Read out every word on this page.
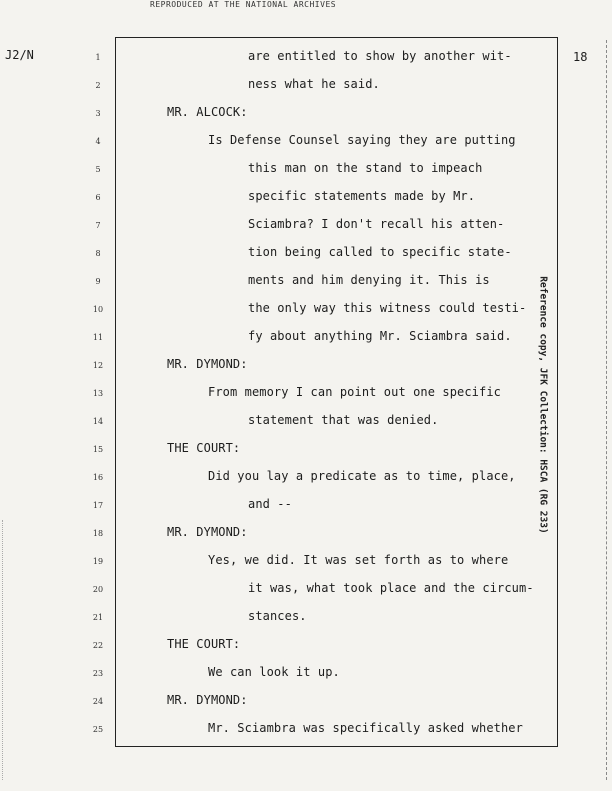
REPRODUCED AT THE NATIONAL ARCHIVES
J2/N	18
Reference copy, JFK Collection: HSCA (RG 233)
1
2
3
4
5
6
7
8
9
10
11
12
13
14
15
16
17
18
19
20
21
22
23
24
25
are entitled to show by another wit-
ness what he said.
MR. ALCOCK:
Is Defense Counsel saying they are putting
this man on the stand to impeach
specific statements made by Mr.
Sciambra? I don't recall his atten-
tion being called to specific state-
ments and him denying it. This is
the only way this witness could testi-
fy about anything Mr. Sciambra said.
MR. DYMOND:
From memory I can point out one specific
statement that was denied.
THE COURT:
Did you lay a predicate as to time, place,
and --
MR. DYMOND:
Yes, we did. It was set forth as to where
it was, what took place and the circum-
stances.
THE COURT:
We can look it up.
MR. DYMOND:
Mr. Sciambra was specifically asked whether
